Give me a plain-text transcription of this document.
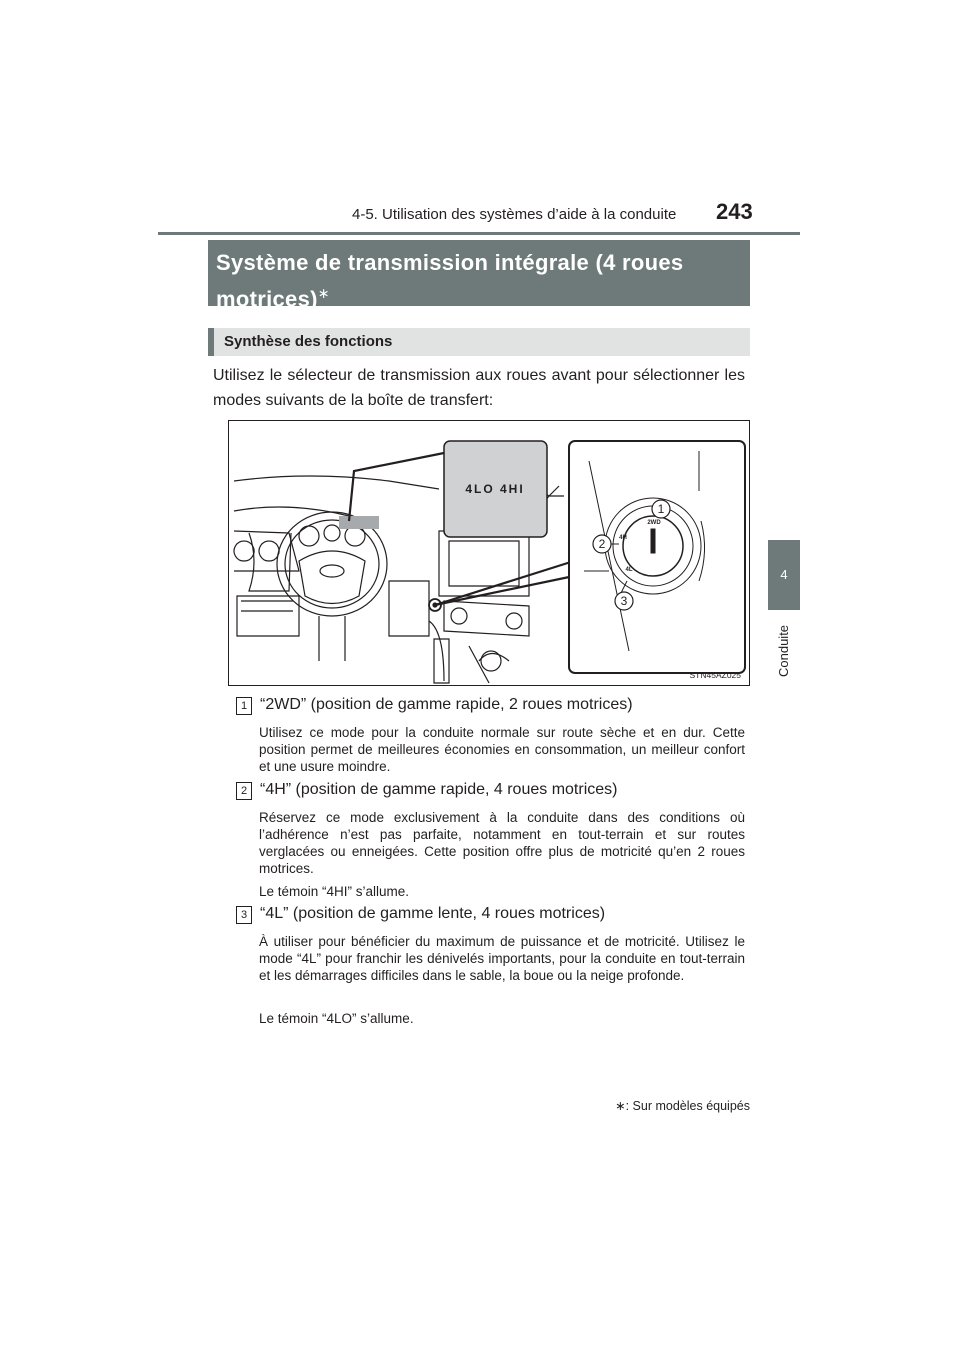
4-5. Utilisation des systèmes d’aide à la conduite 243
4
Conduite
Système de transmission intégrale (4 roues motrices)∗
Synthèse des fonctions
Utilisez le sélecteur de transmission aux roues avant pour sélectionner les modes suivants de la boîte de transfert:
4LO 4HI
2WD
4H
4L
1
2
3
STN45AZ025
1 “2WD” (position de gamme rapide, 2 roues motrices)
Utilisez ce mode pour la conduite normale sur route sèche et en dur. Cette position permet de meilleures économies en consommation, un meilleur confort et une usure moindre.
2 “4H” (position de gamme rapide, 4 roues motrices)
Réservez ce mode exclusivement à la conduite dans des conditions où l’adhérence n’est pas parfaite, notamment en tout-terrain et sur routes verglacées ou enneigées. Cette position offre plus de motricité qu’en 2 roues motrices.
Le témoin “4HI” s’allume.
3 “4L” (position de gamme lente, 4 roues motrices)
À utiliser pour bénéficier du maximum de puissance et de motricité. Utilisez le mode “4L” pour franchir les dénivelés importants, pour la conduite en tout-terrain et les démarrages difficiles dans le sable, la boue ou la neige profonde.
Le témoin “4LO” s’allume.
∗: Sur modèles équipés
